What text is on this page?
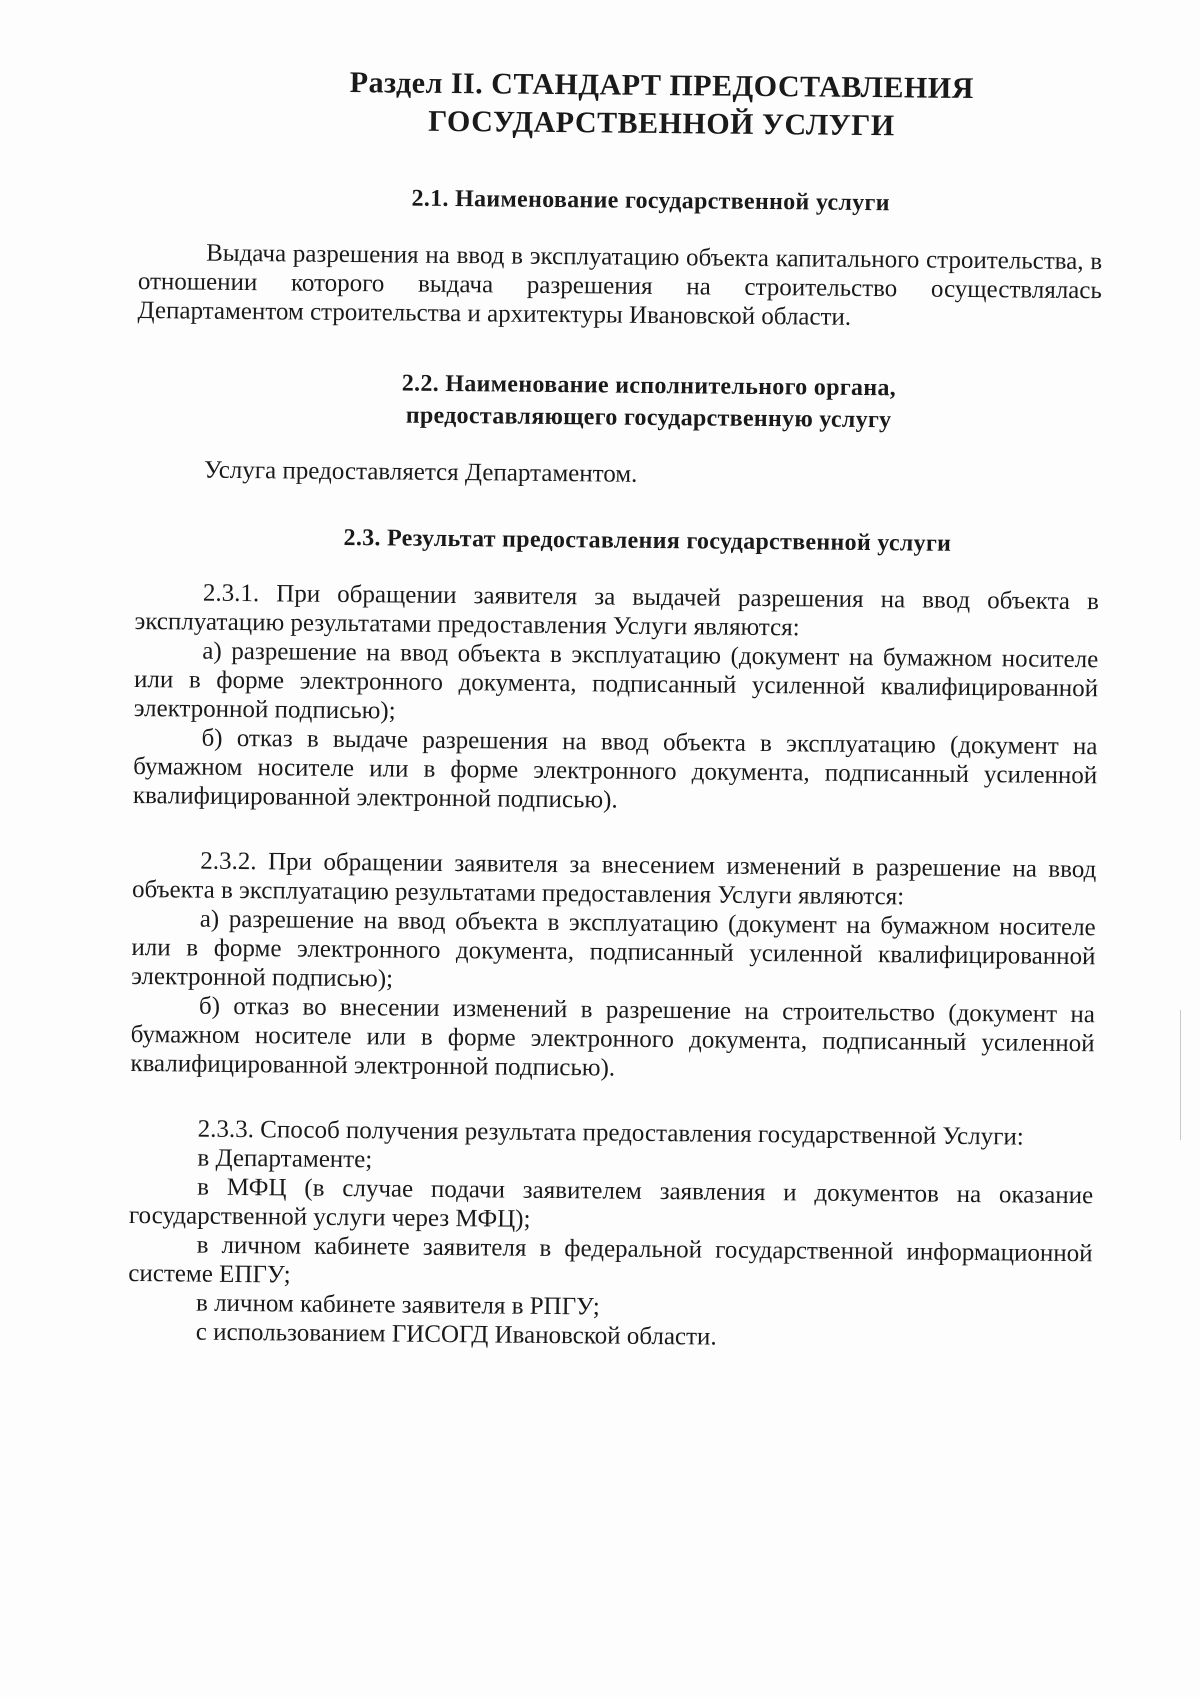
Раздел II. СТАНДАРТ ПРЕДОСТАВЛЕНИЯ
ГОСУДАРСТВЕННОЙ УСЛУГИ
2.1. Наименование государственной услуги

Выдача разрешения на ввод в эксплуатацию объекта капитального строительства, в отношении которого выдача разрешения на строительство осуществлялась Департаментом строительства и архитектуры Ивановской области.

2.2. Наименование исполнительного органа,
предоставляющего государственную услугу

Услуга предоставляется Департаментом.

2.3. Результат предоставления государственной услуги

2.3.1. При обращении заявителя за выдачей разрешения на ввод объекта в эксплуатацию результатами предоставления Услуги являются:

а) разрешение на ввод объекта в эксплуатацию (документ на бумажном носителе или в форме электронного документа, подписанный усиленной квалифицированной электронной подписью);

б) отказ в выдаче разрешения на ввод объекта в эксплуатацию (документ на бумажном носителе или в форме электронного документа, подписанный усиленной квалифицированной электронной подписью).

2.3.2. При обращении заявителя за внесением изменений в разрешение на ввод объекта в эксплуатацию результатами предоставления Услуги являются:

а) разрешение на ввод объекта в эксплуатацию (документ на бумажном носителе или в форме электронного документа, подписанный усиленной квалифицированной электронной подписью);

б) отказ во внесении изменений в разрешение на строительство (документ на бумажном носителе или в форме электронного документа, подписанный усиленной квалифицированной электронной подписью).

2.3.3. Способ получения результата предоставления государственной Услуги:

в Департаменте;

в МФЦ (в случае подачи заявителем заявления и документов на оказание государственной услуги через МФЦ);

в личном кабинете заявителя в федеральной государственной информационной системе ЕПГУ;

в личном кабинете заявителя в РПГУ;

с использованием ГИСОГД Ивановской области.
